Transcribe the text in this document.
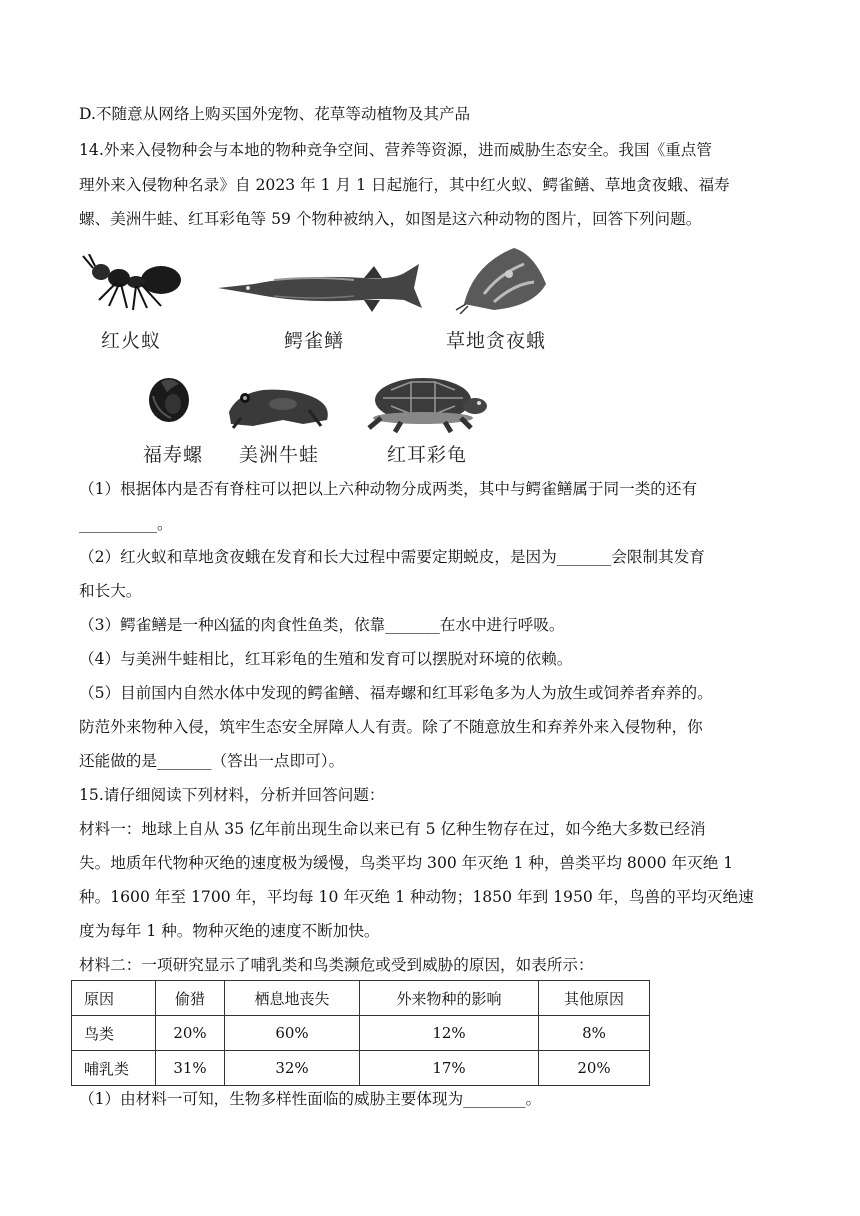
D.不随意从网络上购买国外宠物、花草等动植物及其产品
14.外来入侵物种会与本地的物种竞争空间、营养等资源，进而威胁生态安全。我国《重点管
理外来入侵物种名录》自 2023 年 1 月 1 日起施行，其中红火蚁、鳄雀鳝、草地贪夜蛾、福寿
螺、美洲牛蛙、红耳彩龟等 59 个物种被纳入，如图是这六种动物的图片，回答下列问题。
红火蚁	鳄雀鳝	草地贪夜蛾
福寿螺 美洲牛蛙	红耳彩龟
（1）根据体内是否有脊柱可以把以上六种动物分成两类，其中与鳄雀鳝属于同一类的还有
__________。
（2）红火蚁和草地贪夜蛾在发育和长大过程中需要定期蜕皮，是因为_______会限制其发育
和长大。
（3）鳄雀鳝是一种凶猛的肉食性鱼类，依靠_______在水中进行呼吸。
（4）与美洲牛蛙相比，红耳彩龟的生殖和发育可以摆脱对环境的依赖。
（5）目前国内自然水体中发现的鳄雀鳝、福寿螺和红耳彩龟多为人为放生或饲养者弃养的。
防范外来物种入侵，筑牢生态安全屏障人人有责。除了不随意放生和弃养外来入侵物种，你
还能做的是_______（答出一点即可）。
15.请仔细阅读下列材料，分析并回答问题：
材料一：地球上自从 35 亿年前出现生命以来已有 5 亿种生物存在过，如今绝大多数已经消
失。地质年代物种灭绝的速度极为缓慢，鸟类平均 300 年灭绝 1 种，兽类平均 8000 年灭绝 1
种。1600 年至 1700 年，平均每 10 年灭绝 1 种动物；1850 年到 1950 年，鸟兽的平均灭绝速
度为每年 1 种。物种灭绝的速度不断加快。
材料二：一项研究显示了哺乳类和鸟类濒危或受到威胁的原因，如表所示：
原因	偷猎	栖息地丧失	外来物种的影响	其他原因
鸟类	20%	60%	12%	8%
哺乳类	31%	32%	17%	20%
（1）由材料一可知，生物多样性面临的威胁主要体现为________。
